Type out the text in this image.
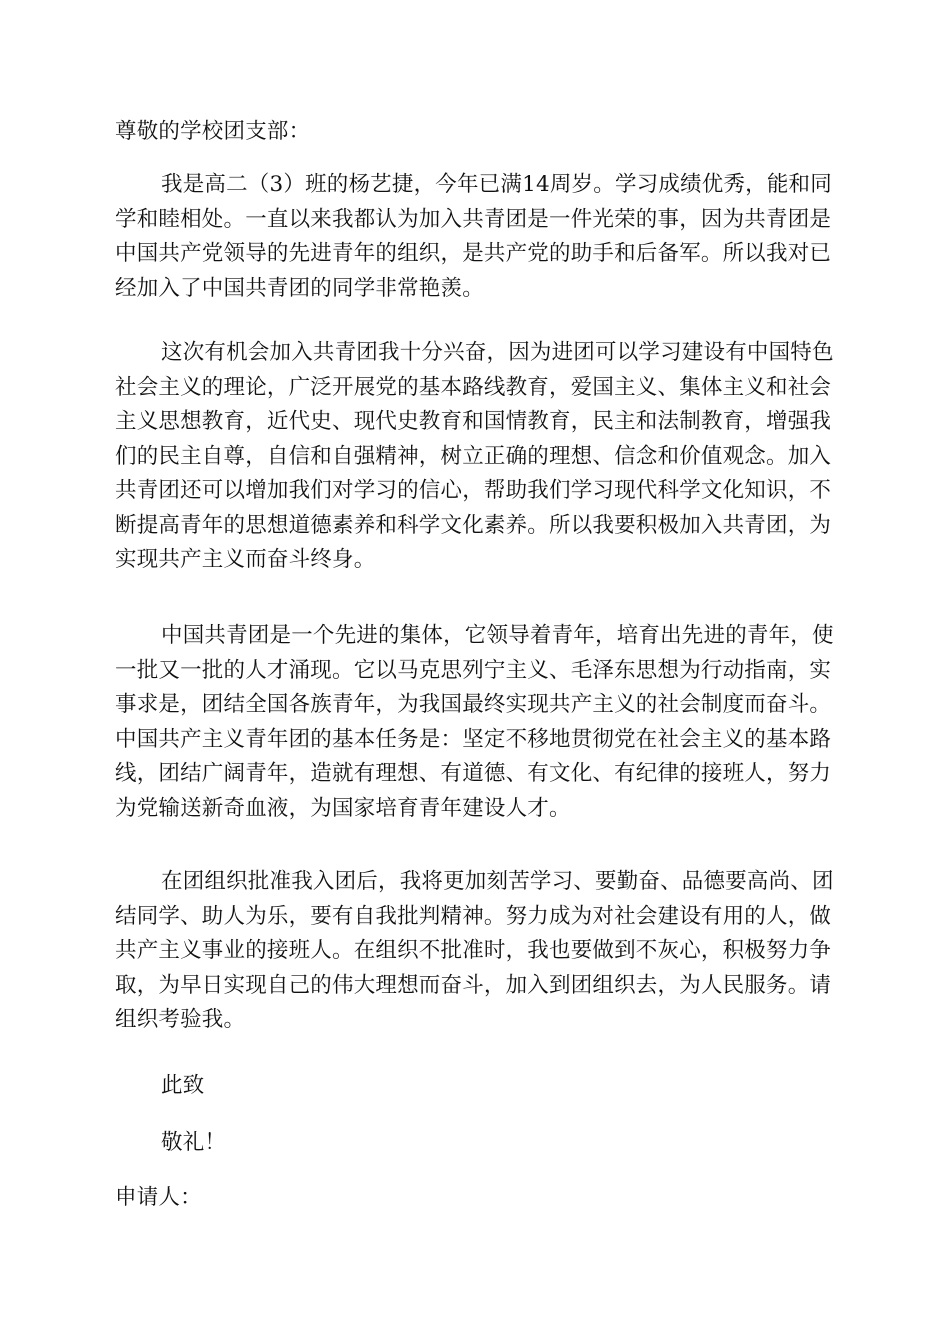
尊敬的学校团支部：
我是高二（3）班的杨艺捷，今年已满14周岁。学习成绩优秀，能和同学和睦相处。一直以来我都认为加入共青团是一件光荣的事，因为共青团是中国共产党领导的先进青年的组织，是共产党的助手和后备军。所以我对已经加入了中国共青团的同学非常艳羡。
这次有机会加入共青团我十分兴奋，因为进团可以学习建设有中国特色社会主义的理论，广泛开展党的基本路线教育，爱国主义、集体主义和社会主义思想教育，近代史、现代史教育和国情教育，民主和法制教育，增强我们的民主自尊，自信和自强精神，树立正确的理想、信念和价值观念。加入共青团还可以增加我们对学习的信心，帮助我们学习现代科学文化知识，不断提高青年的思想道德素养和科学文化素养。所以我要积极加入共青团，为实现共产主义而奋斗终身。
中国共青团是一个先进的集体，它领导着青年，培育出先进的青年，使一批又一批的人才涌现。它以马克思列宁主义、毛泽东思想为行动指南，实事求是，团结全国各族青年，为我国最终实现共产主义的社会制度而奋斗。中国共产主义青年团的基本任务是：坚定不移地贯彻党在社会主义的基本路线，团结广阔青年，造就有理想、有道德、有文化、有纪律的接班人，努力为党输送新奇血液，为国家培育青年建设人才。
在团组织批准我入团后，我将更加刻苦学习、要勤奋、品德要高尚、团结同学、助人为乐，要有自我批判精神。努力成为对社会建设有用的人，做共产主义事业的接班人。在组织不批准时，我也要做到不灰心，积极努力争取，为早日实现自己的伟大理想而奋斗，加入到团组织去，为人民服务。请组织考验我。
此致
敬礼！
申请人：
